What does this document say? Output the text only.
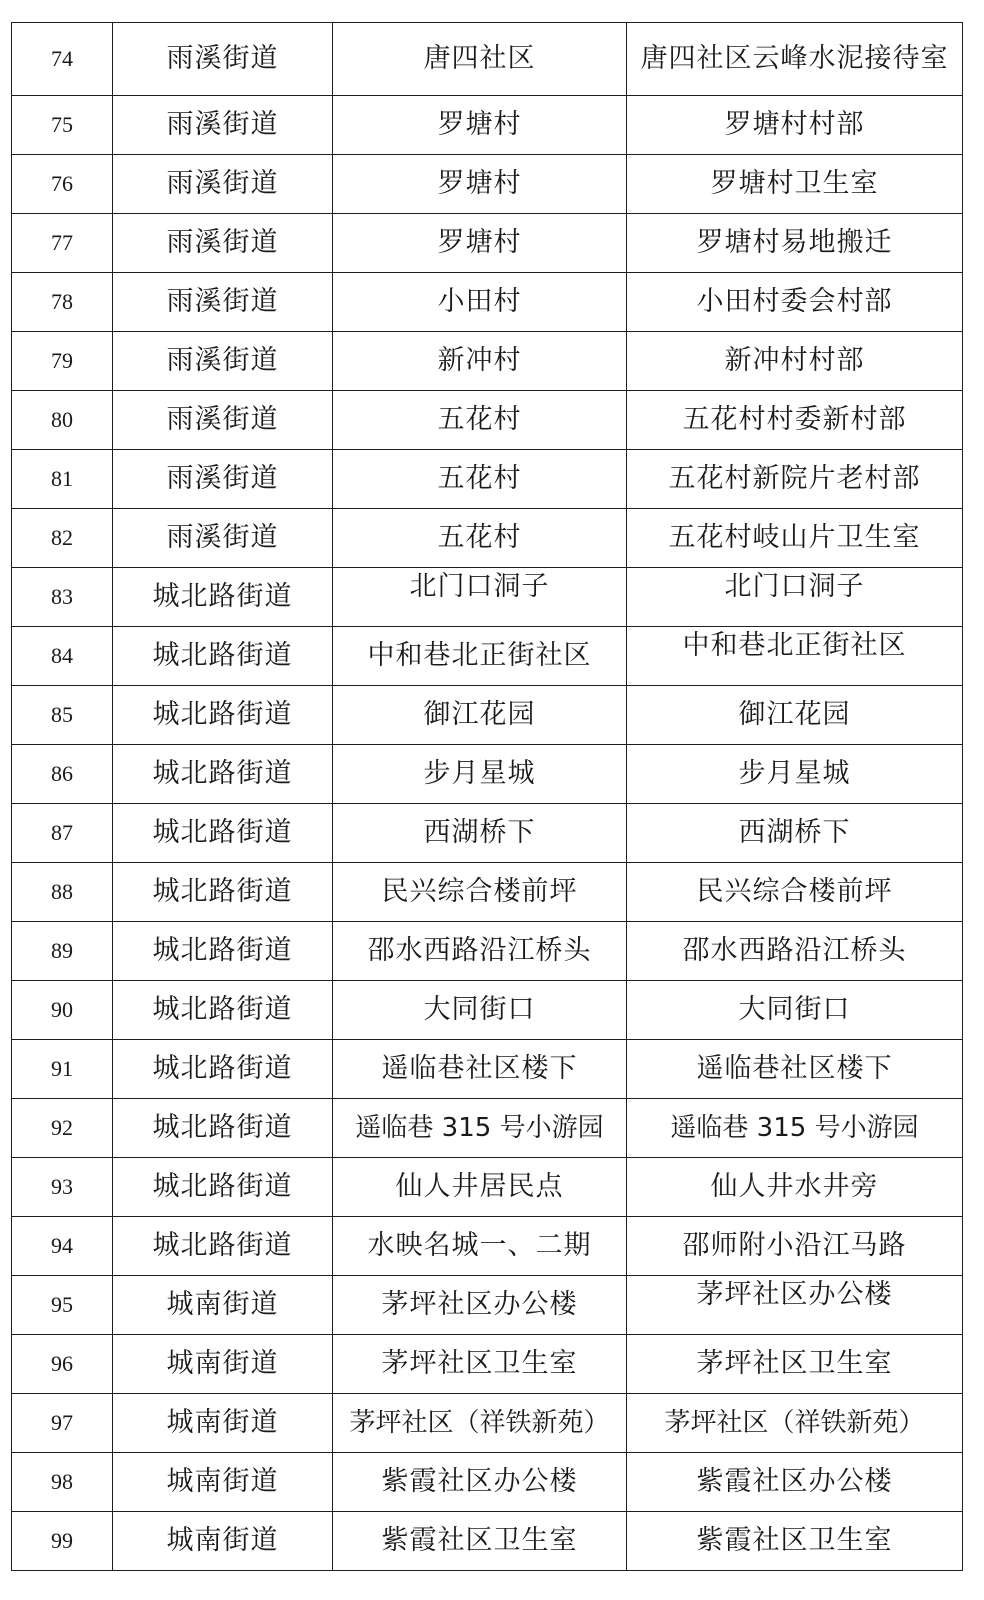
74	雨溪街道	唐四社区	唐四社区云峰水泥接待室
75	雨溪街道	罗塘村	罗塘村村部
76	雨溪街道	罗塘村	罗塘村卫生室
77	雨溪街道	罗塘村	罗塘村易地搬迁
78	雨溪街道	小田村	小田村委会村部
79	雨溪街道	新冲村	新冲村村部
80	雨溪街道	五花村	五花村村委新村部
81	雨溪街道	五花村	五花村新院片老村部
82	雨溪街道	五花村	五花村岐山片卫生室
83	城北路街道	北门口洞子	北门口洞子
84	城北路街道	中和巷北正街社区	中和巷北正街社区
85	城北路街道	御江花园	御江花园
86	城北路街道	步月星城	步月星城
87	城北路街道	西湖桥下	西湖桥下
88	城北路街道	民兴综合楼前坪	民兴综合楼前坪
89	城北路街道	邵水西路沿江桥头	邵水西路沿江桥头
90	城北路街道	大同街口	大同街口
91	城北路街道	遥临巷社区楼下	遥临巷社区楼下
92	城北路街道	遥临巷 315 号小游园	遥临巷 315 号小游园
93	城北路街道	仙人井居民点	仙人井水井旁
94	城北路街道	水映名城一、二期	邵师附小沿江马路
95	城南街道	茅坪社区办公楼	茅坪社区办公楼
96	城南街道	茅坪社区卫生室	茅坪社区卫生室
97	城南街道	茅坪社区（祥铁新苑）	茅坪社区（祥铁新苑）
98	城南街道	紫霞社区办公楼	紫霞社区办公楼
99	城南街道	紫霞社区卫生室	紫霞社区卫生室
